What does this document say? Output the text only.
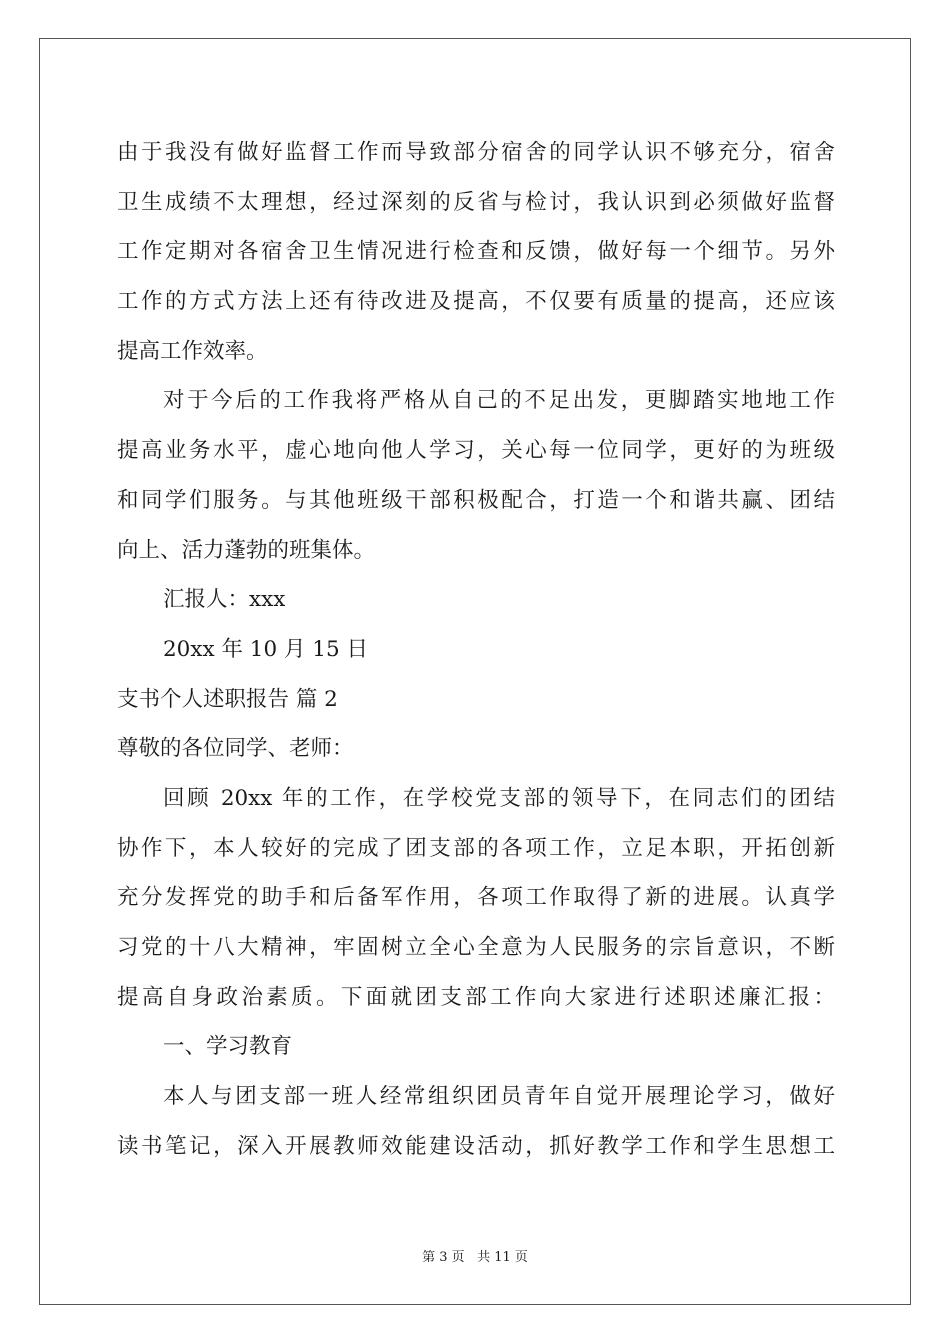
由于我没有做好监督工作而导致部分宿舍的同学认识不够充分，宿舍
卫生成绩不太理想，经过深刻的反省与检讨，我认识到必须做好监督
工作定期对各宿舍卫生情况进行检查和反馈，做好每一个细节。另外
工作的方式方法上还有待改进及提高，不仅要有质量的提高，还应该
提高工作效率。
对于今后的工作我将严格从自己的不足出发，更脚踏实地地工作
提高业务水平，虚心地向他人学习，关心每一位同学，更好的为班级
和同学们服务。与其他班级干部积极配合，打造一个和谐共赢、团结
向上、活力蓬勃的班集体。
汇报人：xxx
20xx 年 10 月 15 日
支书个人述职报告 篇 2
尊敬的各位同学、老师：
回顾 20xx 年的工作，在学校党支部的领导下，在同志们的团结
协作下，本人较好的完成了团支部的各项工作，立足本职，开拓创新
充分发挥党的助手和后备军作用，各项工作取得了新的进展。认真学
习党的十八大精神，牢固树立全心全意为人民服务的宗旨意识，不断
提高自身政治素质。下面就团支部工作向大家进行述职述廉汇报：
一、学习教育
本人与团支部一班人经常组织团员青年自觉开展理论学习，做好
读书笔记，深入开展教师效能建设活动，抓好教学工作和学生思想工
第 3 页 共 11 页
